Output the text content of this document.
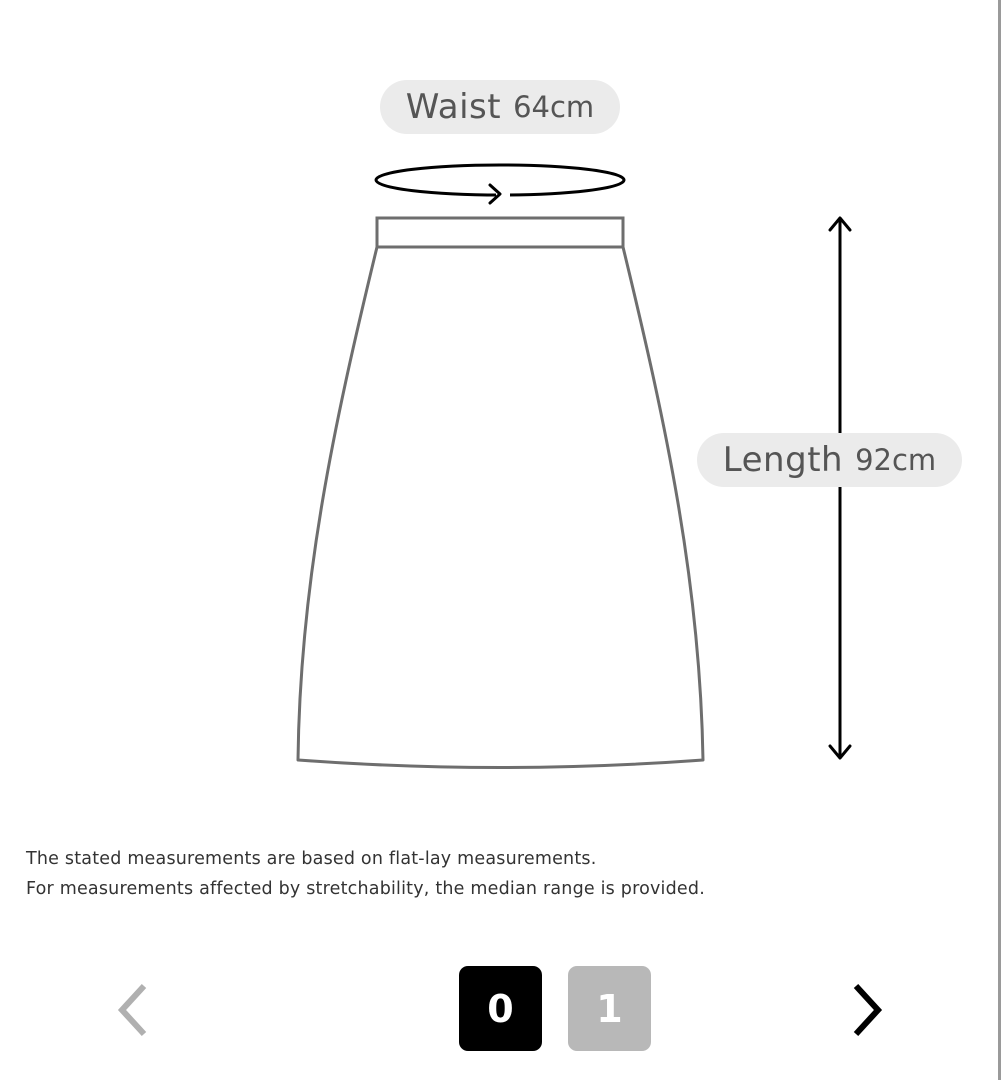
Waist 64cm
Length 92cm
The stated measurements are based on flat-lay measurements.
For measurements affected by stretchability, the median range is provided.
0	1
